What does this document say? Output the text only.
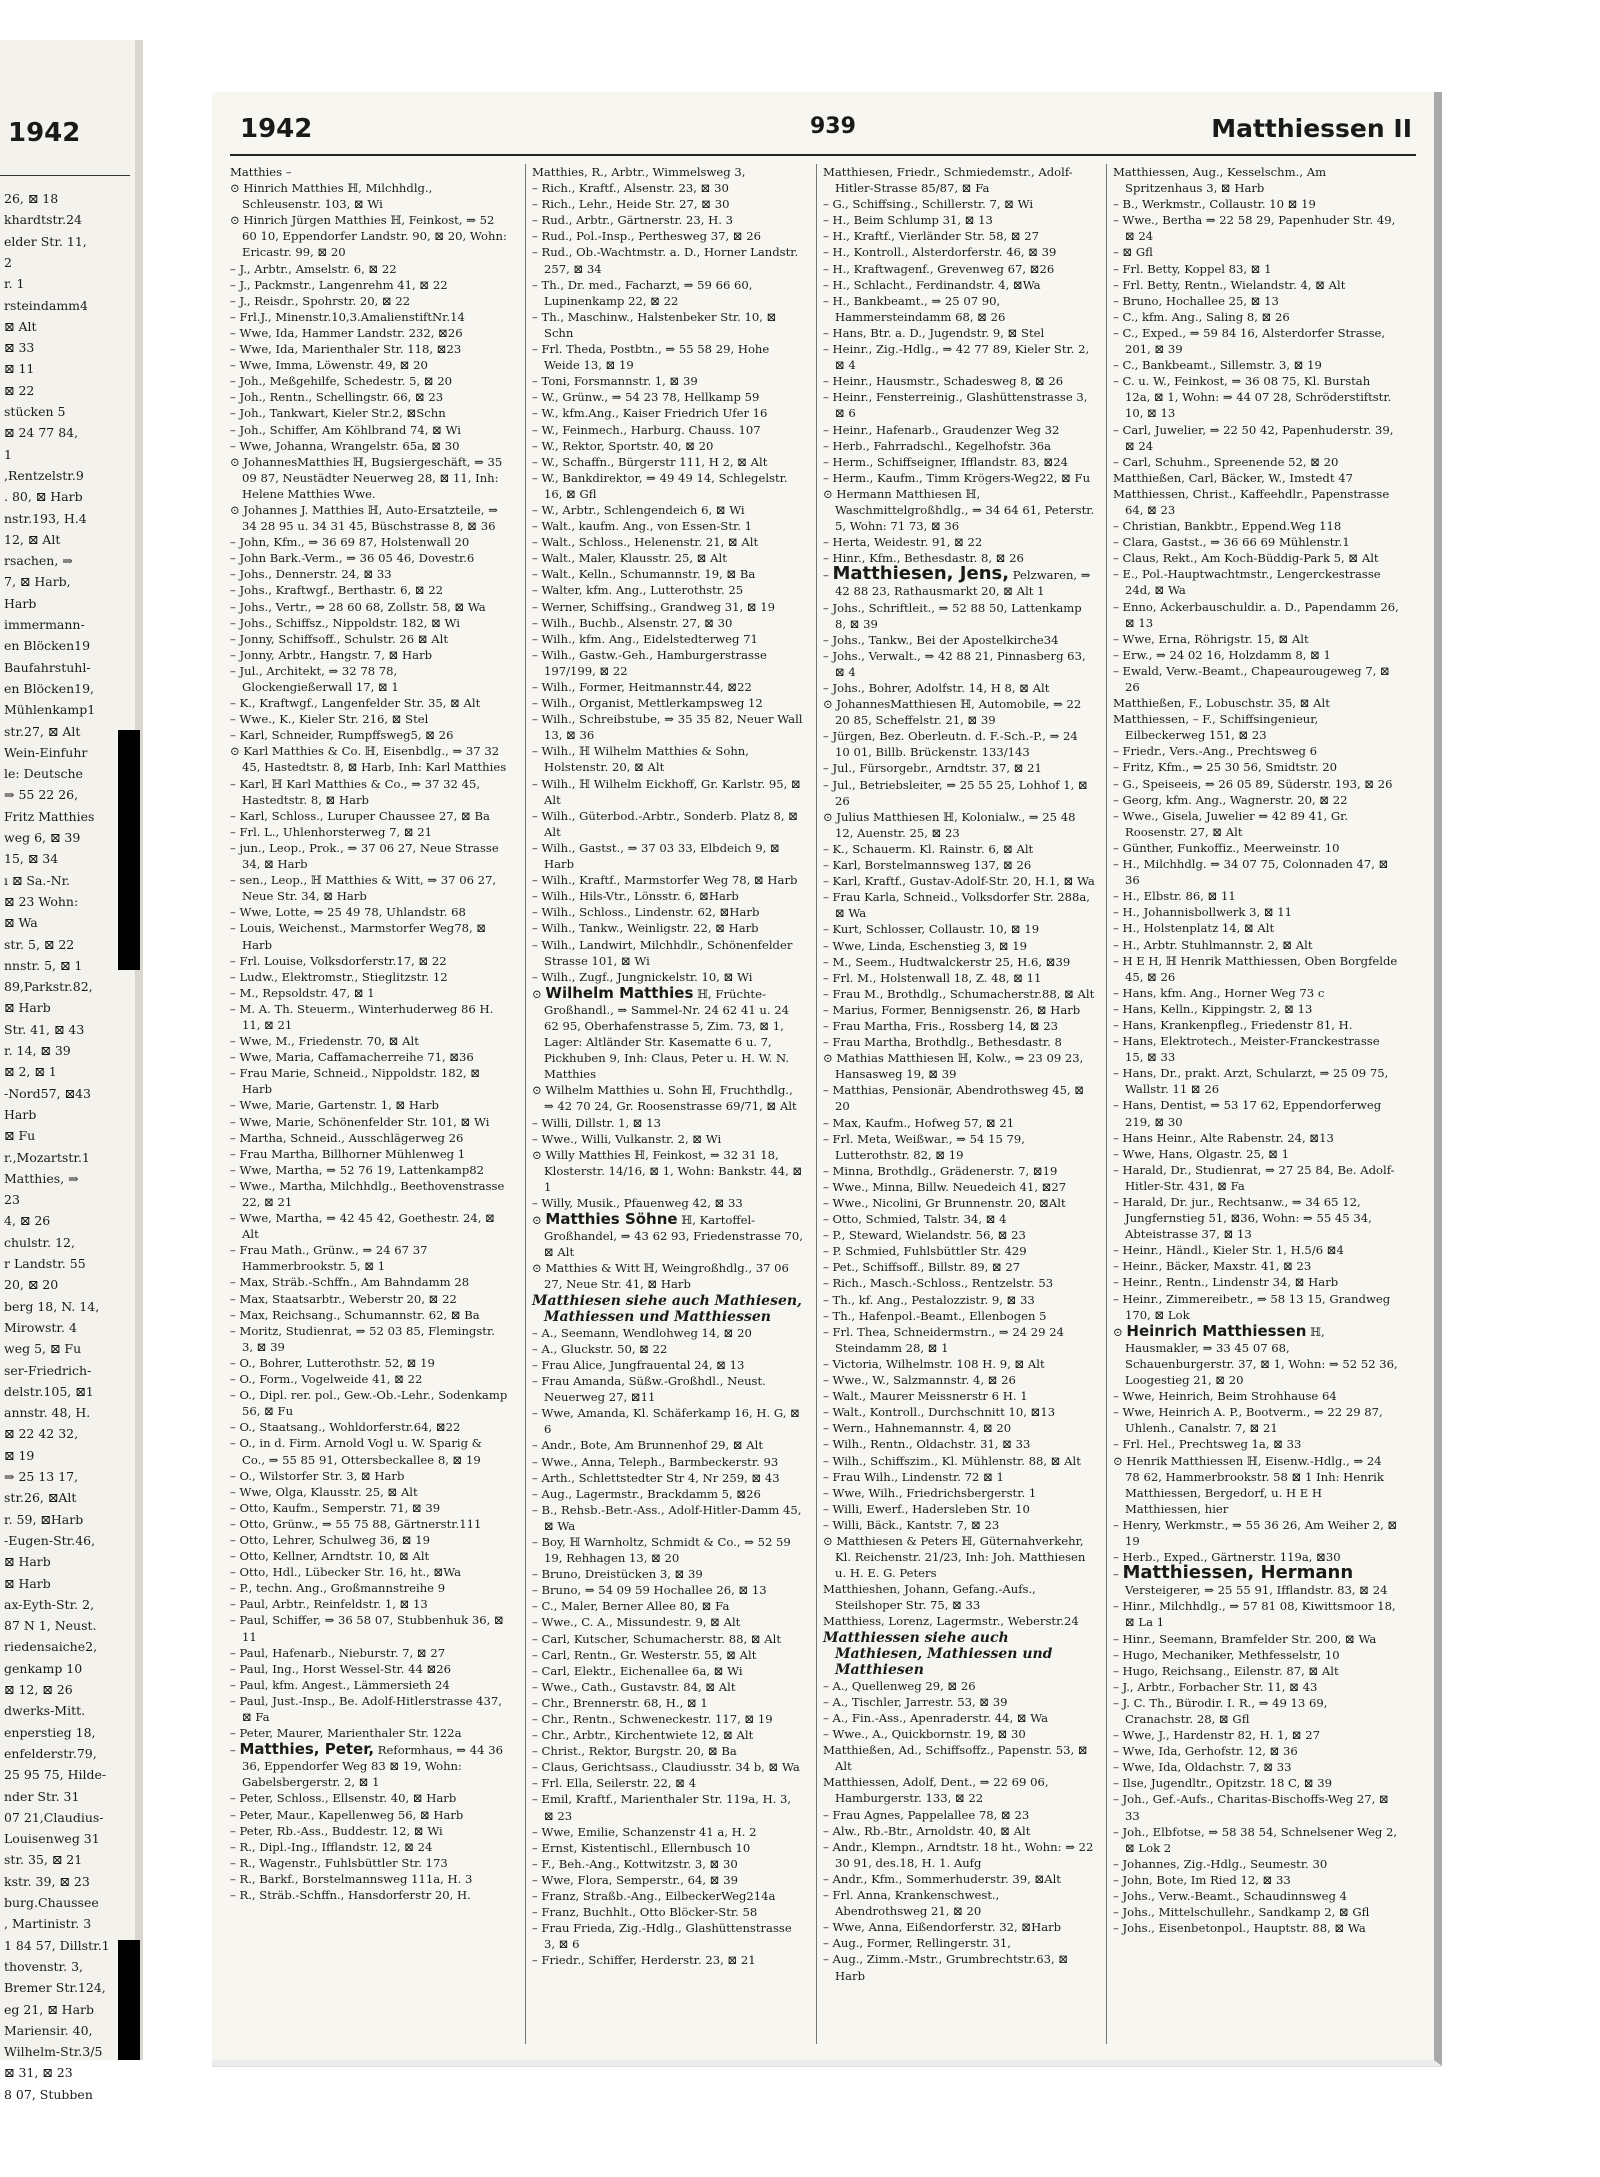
1942
26, ⊠ 18
khardtstr.24
elder Str. 11,
2
r. 1
rsteindamm4
⊠ Alt
⊠ 33
⊠ 11
⊠ 22
stücken 5
⊠ 24 77 84,
1
,Rentzelstr.9
. 80, ⊠ Harb
nstr.193, H.4
12, ⊠ Alt
rsachen, ⇒
7, ⊠ Harb,
Harb
immermann-
en Blöcken19
Baufahrstuhl-
en Blöcken19,
Mühlenkamp1
str.27, ⊠ Alt
Wein-Einfuhr
le: Deutsche
⇒ 55 22 26,
Fritz Matthies
weg 6, ⊠ 39
15, ⊠ 34
ı ⊠ Sa.-Nr.
⊠ 23 Wohn:
⊠ Wa
str. 5, ⊠ 22
nnstr. 5, ⊠ 1
89,Parkstr.82,
⊠ Harb
Str. 41, ⊠ 43
r. 14, ⊠ 39
⊠ 2, ⊠ 1
-Nord57, ⊠43
Harb
⊠ Fu
r.,Mozartstr.1
Matthies, ⇒
23
4, ⊠ 26
chulstr. 12,
r Landstr. 55
20, ⊠ 20
berg 18, N. 14,
Mirowstr. 4
weg 5, ⊠ Fu
ser-Friedrich-
delstr.105, ⊠1
annstr. 48, H.
⊠ 22 42 32,
⊠ 19
⇒ 25 13 17,
str.26, ⊠Alt
r. 59, ⊠Harb
-Eugen-Str.46,
⊠ Harb
⊠ Harb
ax-Eyth-Str. 2,
87 N 1, Neust.
riedensaiche2,
genkamp 10
⊠ 12, ⊠ 26
dwerks-Mitt.
enperstieg 18,
enfelderstr.79,
25 95 75, Hilde-
nder Str. 31
07 21,Claudius-
Louisenweg 31
str. 35, ⊠ 21
kstr. 39, ⊠ 23
burg.Chaussee
, Martinistr. 3
1 84 57, Dillstr.1
thovenstr. 3,
Bremer Str.124,
eg 21, ⊠ Harb
Mariensir. 40,
Wilhelm-Str.3/5
⊠ 31, ⊠ 23
8 07, Stubben
1942	939	Matthiessen II
Matthies –
⊙ Hinrich Matthies ℍ, Milchhdlg., Schleusenstr. 103, ⊠ Wi
⊙ Hinrich Jürgen Matthies ℍ, Feinkost, ⇒ 52 60 10, Eppendorfer Landstr. 90, ⊠ 20, Wohn: Ericastr. 99, ⊠ 20
– J., Arbtr., Amselstr. 6, ⊠ 22
– J., Packmstr., Langenrehm 41, ⊠ 22
– J., Reisdr., Spohrstr. 20, ⊠ 22
– Frl.J., Minenstr.10,3.AmalienstiftNr.14
– Wwe, Ida, Hammer Landstr. 232, ⊠26
– Wwe, Ida, Marienthaler Str. 118, ⊠23
– Wwe, Imma, Löwenstr. 49, ⊠ 20
– Joh., Meßgehilfe, Schedestr. 5, ⊠ 20
– Joh., Rentn., Schellingstr. 66, ⊠ 23
– Joh., Tankwart, Kieler Str.2, ⊠Schn
– Joh., Schiffer, Am Köhlbrand 74, ⊠ Wi
– Wwe, Johanna, Wrangelstr. 65a, ⊠ 30
⊙ JohannesMatthies ℍ, Bugsiergeschäft, ⇒ 35 09 87, Neustädter Neuerweg 28, ⊠ 11, Inh: Helene Matthies Wwe.
⊙ Johannes J. Matthies ℍ, Auto-Ersatzteile, ⇒ 34 28 95 u. 34 31 45, Büschstrasse 8, ⊠ 36
– John, Kfm., ⇒ 36 69 87, Holstenwall 20
– John Bark.-Verm., ⇒ 36 05 46, Dovestr.6
– Johs., Dennerstr. 24, ⊠ 33
– Johs., Kraftwgf., Berthastr. 6, ⊠ 22
– Johs., Vertr., ⇒ 28 60 68, Zollstr. 58, ⊠ Wa
– Johs., Schiffsz., Nippoldstr. 182, ⊠ Wi
– Jonny, Schiffsoff., Schulstr. 26 ⊠ Alt
– Jonny, Arbtr., Hangstr. 7, ⊠ Harb
– Jul., Architekt, ⇒ 32 78 78, Glockengießerwall 17, ⊠ 1
– K., Kraftwgf., Langenfelder Str. 35, ⊠ Alt
– Wwe., K., Kieler Str. 216, ⊠ Stel
– Karl, Schneider, Rumpffsweg5, ⊠ 26
⊙ Karl Matthies & Co. ℍ, Eisenbdlg., ⇒ 37 32 45, Hastedtstr. 8, ⊠ Harb, Inh: Karl Matthies
– Karl, ℍ Karl Matthies & Co., ⇒ 37 32 45, Hastedtstr. 8, ⊠ Harb
– Karl, Schloss., Luruper Chaussee 27, ⊠ Ba
– Frl. L., Uhlenhorsterweg 7, ⊠ 21
– jun., Leop., Prok., ⇒ 37 06 27, Neue Strasse 34, ⊠ Harb
– sen., Leop., ℍ Matthies & Witt, ⇒ 37 06 27, Neue Str. 34, ⊠ Harb
– Wwe, Lotte, ⇒ 25 49 78, Uhlandstr. 68
– Louis, Weichenst., Marmstorfer Weg78, ⊠ Harb
– Frl. Louise, Volksdorferstr.17, ⊠ 22
– Ludw., Elektromstr., Stieglitzstr. 12
– M., Repsoldstr. 47, ⊠ 1
– M. A. Th. Steuerm., Winterhuderweg 86 H. 11, ⊠ 21
– Wwe, M., Friedenstr. 70, ⊠ Alt
– Wwe, Maria, Caffamacherreihe 71, ⊠36
– Frau Marie, Schneid., Nippoldstr. 182, ⊠ Harb
– Wwe, Marie, Gartenstr. 1, ⊠ Harb
– Wwe, Marie, Schönenfelder Str. 101, ⊠ Wi
– Martha, Schneid., Ausschlägerweg 26
– Frau Martha, Billhorner Mühlenweg 1
– Wwe, Martha, ⇒ 52 76 19, Lattenkamp82
– Wwe., Martha, Milchhdlg., Beethovenstrasse 22, ⊠ 21
– Wwe, Martha, ⇒ 42 45 42, Goethestr. 24, ⊠ Alt
– Frau Math., Grünw., ⇒ 24 67 37 Hammerbrookstr. 5, ⊠ 1
– Max, Sträb.-Schffn., Am Bahndamm 28
– Max, Staatsarbtr., Weberstr 20, ⊠ 22
– Max, Reichsang., Schumannstr. 62, ⊠ Ba
– Moritz, Studienrat, ⇒ 52 03 85, Flemingstr. 3, ⊠ 39
– O., Bohrer, Lutterothstr. 52, ⊠ 19
– O., Form., Vogelweide 41, ⊠ 22
– O., Dipl. rer. pol., Gew.-Ob.-Lehr., Sodenkamp 56, ⊠ Fu
– O., Staatsang., Wohldorferstr.64, ⊠22
– O., in d. Firm. Arnold Vogl u. W. Sparig & Co., ⇒ 55 85 91, Ottersbeckallee 8, ⊠ 19
– O., Wilstorfer Str. 3, ⊠ Harb
– Wwe, Olga, Klausstr. 25, ⊠ Alt
– Otto, Kaufm., Semperstr. 71, ⊠ 39
– Otto, Grünw., ⇒ 55 75 88, Gärtnerstr.111
– Otto, Lehrer, Schulweg 36, ⊠ 19
– Otto, Kellner, Arndtstr. 10, ⊠ Alt
– Otto, Hdl., Lübecker Str. 16, ht., ⊠Wa
– P., techn. Ang., Großmannstreihe 9
– Paul, Arbtr., Reinfeldstr. 1, ⊠ 13
– Paul, Schiffer, ⇒ 36 58 07, Stubbenhuk 36, ⊠ 11
– Paul, Hafenarb., Nieburstr. 7, ⊠ 27
– Paul, Ing., Horst Wessel-Str. 44 ⊠26
– Paul, kfm. Angest., Lämmersieth 24
– Paul, Just.-Insp., Be. Adolf-Hitlerstrasse 437, ⊠ Fa
– Peter, Maurer, Marienthaler Str. 122a
– Matthies, Peter, Reformhaus, ⇒ 44 36 36, Eppendorfer Weg 83 ⊠ 19, Wohn: Gabelsbergerstr. 2, ⊠ 1
– Peter, Schloss., Ellsenstr. 40, ⊠ Harb
– Peter, Maur., Kapellenweg 56, ⊠ Harb
– Peter, Rb.-Ass., Buddestr. 12, ⊠ Wi
– R., Dipl.-Ing., Ifflandstr. 12, ⊠ 24
– R., Wagenstr., Fuhlsbüttler Str. 173
– R., Barkf., Borstelmannsweg 111a, H. 3
– R., Sträb.-Schffn., Hansdorferstr 20, H.
Matthies, R., Arbtr., Wimmelsweg 3,
– Rich., Kraftf., Alsenstr. 23, ⊠ 30
– Rich., Lehr., Heide Str. 27, ⊠ 30
– Rud., Arbtr., Gärtnerstr. 23, H. 3
– Rud., Pol.-Insp., Perthesweg 37, ⊠ 26
– Rud., Ob.-Wachtmstr. a. D., Horner Landstr. 257, ⊠ 34
– Th., Dr. med., Facharzt, ⇒ 59 66 60, Lupinenkamp 22, ⊠ 22
– Th., Maschinw., Halstenbeker Str. 10, ⊠ Schn
– Frl. Theda, Postbtn., ⇒ 55 58 29, Hohe Weide 13, ⊠ 19
– Toni, Forsmannstr. 1, ⊠ 39
– W., Grünw., ⇒ 54 23 78, Hellkamp 59
– W., kfm.Ang., Kaiser Friedrich Ufer 16
– W., Feinmech., Harburg. Chauss. 107
– W., Rektor, Sportstr. 40, ⊠ 20
– W., Schaffn., Bürgerstr 111, H 2, ⊠ Alt
– W., Bankdirektor, ⇒ 49 49 14, Schlegelstr. 16, ⊠ Gfl
– W., Arbtr., Schlengendeich 6, ⊠ Wi
– Walt., kaufm. Ang., von Essen-Str. 1
– Walt., Schloss., Helenenstr. 21, ⊠ Alt
– Walt., Maler, Klausstr. 25, ⊠ Alt
– Walt., Kelln., Schumannstr. 19, ⊠ Ba
– Walter, kfm. Ang., Lutterothstr. 25
– Werner, Schiffsing., Grandweg 31, ⊠ 19
– Wilh., Buchb., Alsenstr. 27, ⊠ 30
– Wilh., kfm. Ang., Eidelstedterweg 71
– Wilh., Gastw.-Geh., Hamburgerstrasse 197/199, ⊠ 22
– Wilh., Former, Heitmannstr.44, ⊠22
– Wilh., Organist, Mettlerkampsweg 12
– Wilh., Schreibstube, ⇒ 35 35 82, Neuer Wall 13, ⊠ 36
– Wilh., ℍ Wilhelm Matthies & Sohn, Holstenstr. 20, ⊠ Alt
– Wilh., ℍ Wilhelm Eickhoff, Gr. Karlstr. 95, ⊠ Alt
– Wilh., Güterbod.-Arbtr., Sonderb. Platz 8, ⊠ Alt
– Wilh., Gastst., ⇒ 37 03 33, Elbdeich 9, ⊠ Harb
– Wilh., Kraftf., Marmstorfer Weg 78, ⊠ Harb
– Wilh., Hils-Vtr., Lönsstr. 6, ⊠Harb
– Wilh., Schloss., Lindenstr. 62, ⊠Harb
– Wilh., Tankw., Weinligstr. 22, ⊠ Harb
– Wilh., Landwirt, Milchhdlr., Schönenfelder Strasse 101, ⊠ Wi
– Wilh., Zugf., Jungnickelstr. 10, ⊠ Wi
⊙ Wilhelm Matthies ℍ, Früchte-Großhandl., ⇒ Sammel-Nr. 24 62 41 u. 24 62 95, Oberhafenstrasse 5, Zim. 73, ⊠ 1, Lager: Altländer Str. Kasematte 6 u. 7, Pickhuben 9, Inh: Claus, Peter u. H. W. N. Matthies
⊙ Wilhelm Matthies u. Sohn ℍ, Fruchthdlg., ⇒ 42 70 24, Gr. Roosenstrasse 69/71, ⊠ Alt
– Willi, Dillstr. 1, ⊠ 13
– Wwe., Willi, Vulkanstr. 2, ⊠ Wi
⊙ Willy Matthies ℍ, Feinkost, ⇒ 32 31 18, Klosterstr. 14/16, ⊠ 1, Wohn: Bankstr. 44, ⊠ 1
– Willy, Musik., Pfauenweg 42, ⊠ 33
⊙ Matthies Söhne ℍ, Kartoffel-Großhandel, ⇒ 43 62 93, Friedenstrasse 70, ⊠ Alt
⊙ Matthies & Witt ℍ, Weingroßhdlg., 37 06 27, Neue Str. 41, ⊠ Harb
Matthiesen siehe auch Mathiesen, Mathiessen und Matthiessen
– A., Seemann, Wendlohweg 14, ⊠ 20
– A., Gluckstr. 50, ⊠ 22
– Frau Alice, Jungfrauental 24, ⊠ 13
– Frau Amanda, Süßw.-Großhdl., Neust. Neuerweg 27, ⊠11
– Wwe, Amanda, Kl. Schäferkamp 16, H. G, ⊠ 6
– Andr., Bote, Am Brunnenhof 29, ⊠ Alt
– Wwe., Anna, Teleph., Barmbeckerstr. 93
– Arth., Schlettstedter Str 4, Nr 259, ⊠ 43
– Aug., Lagermstr., Brackdamm 5, ⊠26
– B., Rehsb.-Betr.-Ass., Adolf-Hitler-Damm 45, ⊠ Wa
– Boy, ℍ Warnholtz, Schmidt & Co., ⇒ 52 59 19, Rehhagen 13, ⊠ 20
– Bruno, Dreistücken 3, ⊠ 39
– Bruno, ⇒ 54 09 59 Hochallee 26, ⊠ 13
– C., Maler, Berner Allee 80, ⊠ Fa
– Wwe., C. A., Missundestr. 9, ⊠ Alt
– Carl, Kutscher, Schumacherstr. 88, ⊠ Alt
– Carl, Rentn., Gr. Westerstr. 55, ⊠ Alt
– Carl, Elektr., Eichenallee 6a, ⊠ Wi
– Wwe., Cath., Gustavstr. 84, ⊠ Alt
– Chr., Brennerstr. 68, H., ⊠ 1
– Chr., Rentn., Schweneckestr. 117, ⊠ 19
– Chr., Arbtr., Kirchentwiete 12, ⊠ Alt
– Christ., Rektor, Burgstr. 20, ⊠ Ba
– Claus, Gerichtsass., Claudiusstr. 34 b, ⊠ Wa
– Frl. Ella, Seilerstr. 22, ⊠ 4
– Emil, Kraftf., Marienthaler Str. 119a, H. 3, ⊠ 23
– Wwe, Emilie, Schanzenstr 41 a, H. 2
– Ernst, Kistentischl., Ellernbusch 10
– F., Beh.-Ang., Kottwitzstr. 3, ⊠ 30
– Wwe, Flora, Semperstr., 64, ⊠ 39
– Franz, Straßb.-Ang., EilbeckerWeg214a
– Franz, Buchhlt., Otto Blöcker-Str. 58
– Frau Frieda, Zig.-Hdlg., Glashüttenstrasse 3, ⊠ 6
– Friedr., Schiffer, Herderstr. 23, ⊠ 21
Matthiesen, Friedr., Schmiedemstr., Adolf-Hitler-Strasse 85/87, ⊠ Fa
– G., Schiffsing., Schillerstr. 7, ⊠ Wi
– H., Beim Schlump 31, ⊠ 13
– H., Kraftf., Vierländer Str. 58, ⊠ 27
– H., Kontroll., Alsterdorferstr. 46, ⊠ 39
– H., Kraftwagenf., Grevenweg 67, ⊠26
– H., Schlacht., Ferdinandstr. 4, ⊠Wa
– H., Bankbeamt., ⇒ 25 07 90, Hammersteindamm 68, ⊠ 26
– Hans, Btr. a. D., Jugendstr. 9, ⊠ Stel
– Heinr., Zig.-Hdlg., ⇒ 42 77 89, Kieler Str. 2, ⊠ 4
– Heinr., Hausmstr., Schadesweg 8, ⊠ 26
– Heinr., Fensterreinig., Glashüttenstrasse 3, ⊠ 6
– Heinr., Hafenarb., Graudenzer Weg 32
– Herb., Fahrradschl., Kegelhofstr. 36a
– Herm., Schiffseigner, Ifflandstr. 83, ⊠24
– Herm., Kaufm., Timm Krögers-Weg22, ⊠ Fu
⊙ Hermann Matthiesen ℍ, Waschmittelgroßhdlg., ⇒ 34 64 61, Peterstr. 5, Wohn: 71 73, ⊠ 36
– Herta, Weidestr. 91, ⊠ 22
– Hinr., Kfm., Bethesdastr. 8, ⊠ 26
– Matthiesen, Jens, Pelzwaren, ⇒ 42 88 23, Rathausmarkt 20, ⊠ Alt 1
– Johs., Schriftleit., ⇒ 52 88 50, Lattenkamp 8, ⊠ 39
– Johs., Tankw., Bei der Apostelkirche34
– Johs., Verwalt., ⇒ 42 88 21, Pinnasberg 63, ⊠ 4
– Johs., Bohrer, Adolfstr. 14, H 8, ⊠ Alt
⊙ JohannesMatthiesen ℍ, Automobile, ⇒ 22 20 85, Scheffelstr. 21, ⊠ 39
– Jürgen, Bez. Oberleutn. d. F.-Sch.-P., ⇒ 24 10 01, Billb. Brückenstr. 133/143
– Jul., Fürsorgebr., Arndtstr. 37, ⊠ 21
– Jul., Betriebsleiter, ⇒ 25 55 25, Lohhof 1, ⊠ 26
⊙ Julius Matthiesen ℍ, Kolonialw., ⇒ 25 48 12, Auenstr. 25, ⊠ 23
– K., Schauerm. Kl. Rainstr. 6, ⊠ Alt
– Karl, Borstelmannsweg 137, ⊠ 26
– Karl, Kraftf., Gustav-Adolf-Str. 20, H.1, ⊠ Wa
– Frau Karla, Schneid., Volksdorfer Str. 288a, ⊠ Wa
– Kurt, Schlosser, Collaustr. 10, ⊠ 19
– Wwe, Linda, Eschenstieg 3, ⊠ 19
– M., Seem., Hudtwalckerstr 25, H.6, ⊠39
– Frl. M., Holstenwall 18, Z. 48, ⊠ 11
– Frau M., Brothdlg., Schumacherstr.88, ⊠ Alt
– Marius, Former, Bennigsenstr. 26, ⊠ Harb
– Frau Martha, Fris., Rossberg 14, ⊠ 23
– Frau Martha, Brothdlg., Bethesdastr. 8
⊙ Mathias Matthiesen ℍ, Kolw., ⇒ 23 09 23, Hansasweg 19, ⊠ 39
– Matthias, Pensionär, Abendrothsweg 45, ⊠ 20
– Max, Kaufm., Hofweg 57, ⊠ 21
– Frl. Meta, Weißwar., ⇒ 54 15 79, Lutterothstr. 82, ⊠ 19
– Minna, Brothdlg., Grädenerstr. 7, ⊠19
– Wwe., Minna, Billw. Neuedeich 41, ⊠27
– Wwe., Nicolini, Gr Brunnenstr. 20, ⊠Alt
– Otto, Schmied, Talstr. 34, ⊠ 4
– P., Steward, Wielandstr. 56, ⊠ 23
– P. Schmied, Fuhlsbüttler Str. 429
– Pet., Schiffsoff., Billstr. 89, ⊠ 27
– Rich., Masch.-Schloss., Rentzelstr. 53
– Th., kf. Ang., Pestalozzistr. 9, ⊠ 33
– Th., Hafenpol.-Beamt., Ellenbogen 5
– Frl. Thea, Schneidermstrn., ⇒ 24 29 24 Steindamm 28, ⊠ 1
– Victoria, Wilhelmstr. 108 H. 9, ⊠ Alt
– Wwe., W., Salzmannstr. 4, ⊠ 26
– Walt., Maurer Meissnerstr 6 H. 1
– Walt., Kontroll., Durchschnitt 10, ⊠13
– Wern., Hahnemannstr. 4, ⊠ 20
– Wilh., Rentn., Oldachstr. 31, ⊠ 33
– Wilh., Schiffszim., Kl. Mühlenstr. 88, ⊠ Alt
– Frau Wilh., Lindenstr. 72 ⊠ 1
– Wwe, Wilh., Friedrichsbergerstr. 1
– Willi, Ewerf., Hadersleben Str. 10
– Willi, Bäck., Kantstr. 7, ⊠ 23
⊙ Matthiesen & Peters ℍ, Güternahverkehr, Kl. Reichenstr. 21/23, Inh: Joh. Matthiesen u. H. E. G. Peters
Matthieshen, Johann, Gefang.-Aufs., Steilshoper Str. 75, ⊠ 33
Matthiess, Lorenz, Lagermstr., Weberstr.24
Matthiessen siehe auch Mathiesen, Mathiessen und Matthiesen
– A., Quellenweg 29, ⊠ 26
– A., Tischler, Jarrestr. 53, ⊠ 39
– A., Fin.-Ass., Apenraderstr. 44, ⊠ Wa
– Wwe., A., Quickbornstr. 19, ⊠ 30
Matthießen, Ad., Schiffsoffz., Papenstr. 53, ⊠ Alt
Matthiessen, Adolf, Dent., ⇒ 22 69 06, Hamburgerstr. 133, ⊠ 22
– Frau Agnes, Pappelallee 78, ⊠ 23
– Alw., Rb.-Btr., Arnoldstr. 40, ⊠ Alt
– Andr., Klempn., Arndtstr. 18 ht., Wohn: ⇒ 22 30 91, des.18, H. 1. Aufg
– Andr., Kfm., Sommerhuderstr. 39, ⊠Alt
– Frl. Anna, Krankenschwest., Abendrothsweg 21, ⊠ 20
– Wwe, Anna, Eißendorferstr. 32, ⊠Harb
– Aug., Former, Rellingerstr. 31,
– Aug., Zimm.-Mstr., Grumbrechtstr.63, ⊠ Harb
Matthiessen, Aug., Kesselschm., Am Spritzenhaus 3, ⊠ Harb
– B., Werkmstr., Collaustr. 10 ⊠ 19
– Wwe., Bertha ⇒ 22 58 29, Papenhuder Str. 49, ⊠ 24
– ⊠ Gfl
– Frl. Betty, Koppel 83, ⊠ 1
– Frl. Betty, Rentn., Wielandstr. 4, ⊠ Alt
– Bruno, Hochallee 25, ⊠ 13
– C., kfm. Ang., Saling 8, ⊠ 26
– C., Exped., ⇒ 59 84 16, Alsterdorfer Strasse, 201, ⊠ 39
– C., Bankbeamt., Sillemstr. 3, ⊠ 19
– C. u. W., Feinkost, ⇒ 36 08 75, Kl. Burstah 12a, ⊠ 1, Wohn: ⇒ 44 07 28, Schröderstiftstr. 10, ⊠ 13
– Carl, Juwelier, ⇒ 22 50 42, Papenhuderstr. 39, ⊠ 24
– Carl, Schuhm., Spreenende 52, ⊠ 20
Matthießen, Carl, Bäcker, W., Imstedt 47
Matthiessen, Christ., Kaffeehdlr., Papenstrasse 64, ⊠ 23
– Christian, Bankbtr., Eppend.Weg 118
– Clara, Gastst., ⇒ 36 66 69 Mühlenstr.1
– Claus, Rekt., Am Koch-Büddig-Park 5, ⊠ Alt
– E., Pol.-Hauptwachtmstr., Lengerckestrasse 24d, ⊠ Wa
– Enno, Ackerbauschuldir. a. D., Papendamm 26, ⊠ 13
– Wwe, Erna, Röhrigstr. 15, ⊠ Alt
– Erw., ⇒ 24 02 16, Holzdamm 8, ⊠ 1
– Ewald, Verw.-Beamt., Chapeaurougeweg 7, ⊠ 26
Matthießen, F., Lobuschstr. 35, ⊠ Alt
Matthiessen, – F., Schiffsingenieur, Eilbeckerweg 151, ⊠ 23
– Friedr., Vers.-Ang., Prechtsweg 6
– Fritz, Kfm., ⇒ 25 30 56, Smidtstr. 20
– G., Speiseeis, ⇒ 26 05 89, Süderstr. 193, ⊠ 26
– Georg, kfm. Ang., Wagnerstr. 20, ⊠ 22
– Wwe., Gisela, Juwelier ⇒ 42 89 41, Gr. Roosenstr. 27, ⊠ Alt
– Günther, Funkoffiz., Meerweinstr. 10
– H., Milchhdlg. ⇒ 34 07 75, Colonnaden 47, ⊠ 36
– H., Elbstr. 86, ⊠ 11
– H., Johannisbollwerk 3, ⊠ 11
– H., Holstenplatz 14, ⊠ Alt
– H., Arbtr. Stuhlmannstr. 2, ⊠ Alt
– H E H, ℍ Henrik Matthiessen, Oben Borgfelde 45, ⊠ 26
– Hans, kfm. Ang., Horner Weg 73 c
– Hans, Kelln., Kippingstr. 2, ⊠ 13
– Hans, Krankenpfleg., Friedenstr 81, H.
– Hans, Elektrotech., Meister-Franckestrasse 15, ⊠ 33
– Hans, Dr., prakt. Arzt, Schularzt, ⇒ 25 09 75, Wallstr. 11 ⊠ 26
– Hans, Dentist, ⇒ 53 17 62, Eppendorferweg 219, ⊠ 30
– Hans Heinr., Alte Rabenstr. 24, ⊠13
– Wwe, Hans, Olgastr. 25, ⊠ 1
– Harald, Dr., Studienrat, ⇒ 27 25 84, Be. Adolf-Hitler-Str. 431, ⊠ Fa
– Harald, Dr. jur., Rechtsanw., ⇒ 34 65 12, Jungfernstieg 51, ⊠36, Wohn: ⇒ 55 45 34, Abteistrasse 37, ⊠ 13
– Heinr., Händl., Kieler Str. 1, H.5/6 ⊠4
– Heinr., Bäcker, Maxstr. 41, ⊠ 23
– Heinr., Rentn., Lindenstr 34, ⊠ Harb
– Heinr., Zimmereibetr., ⇒ 58 13 15, Grandweg 170, ⊠ Lok
⊙ Heinrich Matthiessen ℍ, Hausmakler, ⇒ 33 45 07 68, Schauenburgerstr. 37, ⊠ 1, Wohn: ⇒ 52 52 36, Loogestieg 21, ⊠ 20
– Wwe, Heinrich, Beim Strohhause 64
– Wwe, Heinrich A. P., Bootverm., ⇒ 22 29 87, Uhlenh., Canalstr. 7, ⊠ 21
– Frl. Hel., Prechtsweg 1a, ⊠ 33
⊙ Henrik Matthiessen ℍ, Eisenw.-Hdlg., ⇒ 24 78 62, Hammerbrookstr. 58 ⊠ 1 Inh: Henrik Matthiessen, Bergedorf, u. H E H Matthiessen, hier
– Henry, Werkmstr., ⇒ 55 36 26, Am Weiher 2, ⊠ 19
– Herb., Exped., Gärtnerstr. 119a, ⊠30
– Matthiessen, Hermann Versteigerer, ⇒ 25 55 91, Ifflandstr. 83, ⊠ 24
– Hinr., Milchhdlg., ⇒ 57 81 08, Kiwittsmoor 18, ⊠ La 1
– Hinr., Seemann, Bramfelder Str. 200, ⊠ Wa
– Hugo, Mechaniker, Methfesselstr, 10
– Hugo, Reichsang., Eilenstr. 87, ⊠ Alt
– J., Arbtr., Forbacher Str. 11, ⊠ 43
– J. C. Th., Bürodir. I. R., ⇒ 49 13 69, Cranachstr. 28, ⊠ Gfl
– Wwe, J., Hardenstr 82, H. 1, ⊠ 27
– Wwe, Ida, Gerhofstr. 12, ⊠ 36
– Wwe, Ida, Oldachstr. 7, ⊠ 33
– Ilse, Jugendltr., Opitzstr. 18 C, ⊠ 39
– Joh., Gef.-Aufs., Charitas-Bischoffs-Weg 27, ⊠ 33
– Joh., Elbfotse, ⇒ 58 38 54, Schnelsener Weg 2, ⊠ Lok 2
– Johannes, Zig.-Hdlg., Seumestr. 30
– John, Bote, Im Ried 12, ⊠ 33
– Johs., Verw.-Beamt., Schaudinnsweg 4
– Johs., Mittelschullehr., Sandkamp 2, ⊠ Gfl
– Johs., Eisenbetonpol., Hauptstr. 88, ⊠ Wa
